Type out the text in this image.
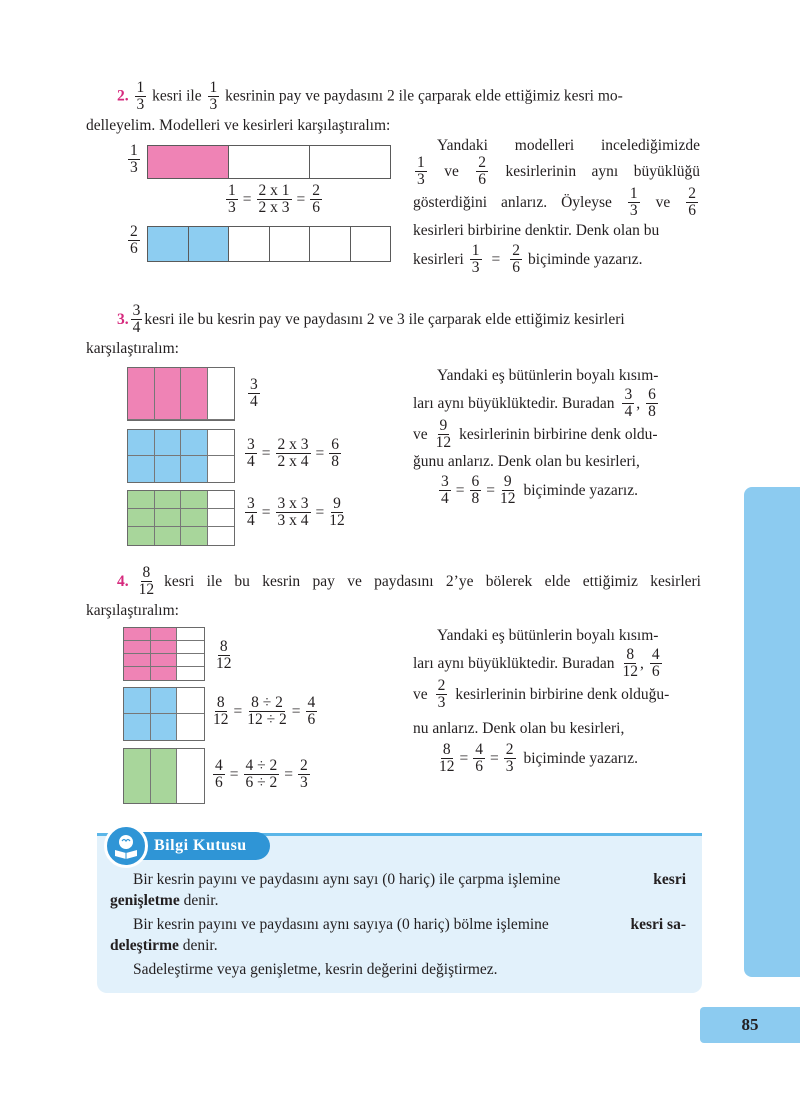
2. $\frac{1}{3}$ kesri ile $\frac{1}{3}$ kesrinin pay ve paydasını 2 ile çarparak elde ettiğimiz kesri mo-
delleyelim. Modelleri ve kesirleri karşılaştıralım:
$\frac{1}{3}$
$\frac{1}{3} = \frac{2 x 1}{2 x 3} = \frac{2}{6}$
$\frac{2}{6}$
Yandaki modelleri incelediğimizde
1
3 ve
2
6 kesirlerinin aynı büyüklüğü
gösterdiğini anlarız. Öyleyse
1
3 ve
2
6
kesirleri birbirine denktir. Denk olan bu
kesirleri $\frac{1}{3} = \frac{2}{6}$ biçiminde yazarız.
3.
3
4 kesri ile bu kesrin pay ve paydasını 2 ve 3 ile çarparak elde ettiğimiz kesirleri
karşılaştıralım:
$\frac{3}{4}$
$\frac{3}{4} = \frac{2 x 3}{2 x 4} = \frac{6}{8}$
$\frac{3}{4} = \frac{3 x 3}{3 x 4} = \frac{9}{12}$
Yandaki eş bütünlerin boyalı kısım-
ları aynı büyüklüktedir. Buradan
3
4 ,
6
8
ve
9
12 kesirlerinin birbirine denk oldu-
ğunu anlarız. Denk olan bu kesirleri,
$\frac{3}{4} = \frac{6}{8} = \frac{9}{12}$ biçiminde yazarız.
4.
8
12 kesri ile bu kesrin pay ve paydasını 2’ye bölerek elde ettiğimiz kesirleri
karşılaştıralım:
$\frac{8}{12}$
$\frac{8}{12} = \frac{8 \div 2}{12 \div 2} = \frac{4}{6}$
$\frac{4}{6} = \frac{4 \div 2}{6 \div 2} = \frac{2}{3}$
Yandaki eş bütünlerin boyalı kısım-
ları aynı büyüklüktedir. Buradan
8
12 ,
4
6
ve
2
3 kesirlerinin birbirine denk olduğu-
nu anlarız. Denk olan bu kesirleri,
$\frac{8}{12} = \frac{4}{6} = \frac{2}{3}$ biçiminde yazarız.
Bilgi Kutusu
Bir kesrin payını ve paydasını aynı sayı (0 hariç) ile çarpma işlemine	kesri
genişletme denir.
Bir kesrin payını ve paydasını aynı sayıya (0 hariç) bölme işlemine	kesri sa-
deleştirme denir.
Sadeleştirme veya genişletme, kesrin değerini değiştirmez.
85
